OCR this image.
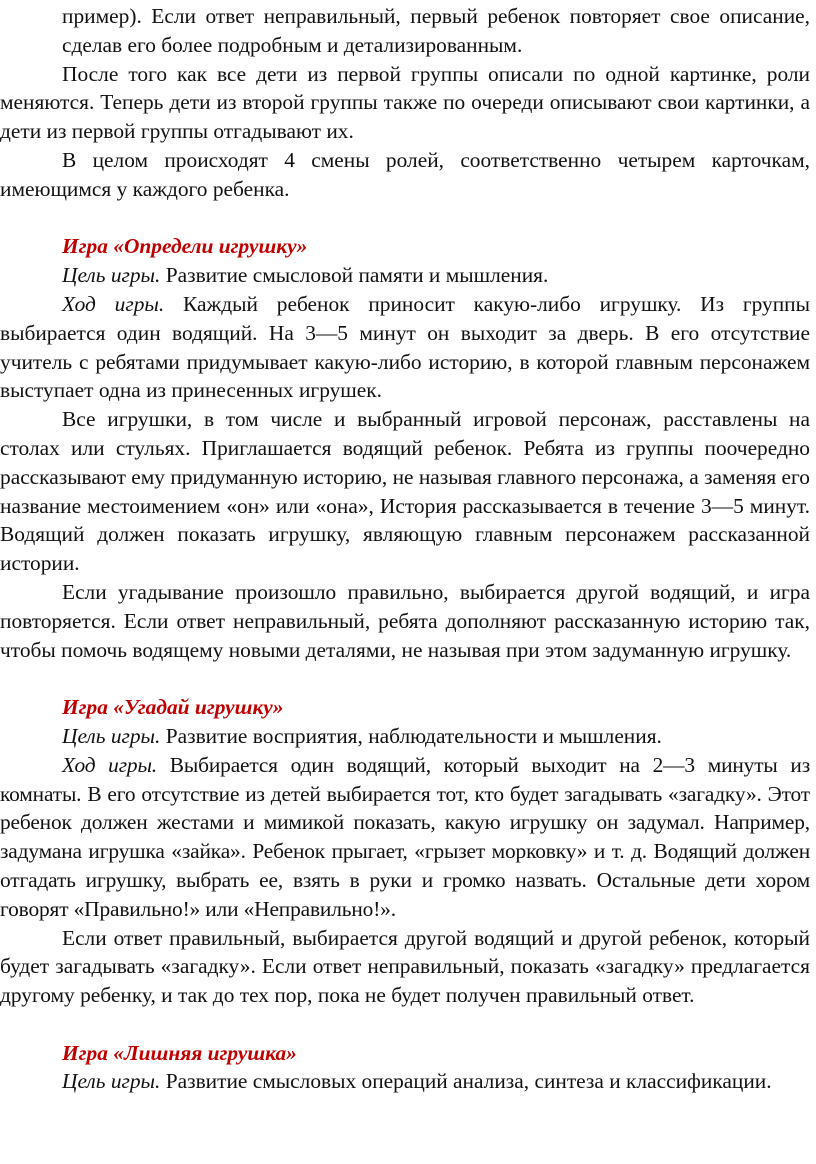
пример). Если ответ неправильный, первый ребенок повторяет свое описание, сделав его более подробным и детализированным.

После того как все дети из первой группы описали по одной картинке, роли меняются. Теперь дети из второй группы также по очереди описывают свои картинки, а дети из первой группы отгадывают их.

В целом происходят 4 смены ролей, соответственно четырем карточкам, имеющимся у каждого ребенка.

Игра «Определи игрушку»

Цель игры. Развитие смысловой памяти и мышления.

Ход игры. Каждый ребенок приносит какую-либо игрушку. Из группы выбирается один водящий. На 3—5 минут он выходит за дверь. В его отсутствие учитель с ребятами придумывает какую-либо историю, в которой главным персонажем выступает одна из принесенных игрушек.

Все игрушки, в том числе и выбранный игровой персонаж, расставлены на столах или стульях. Приглашается водящий ребенок. Ребята из группы поочередно рассказывают ему придуманную историю, не называя главного персонажа, а заменяя его название местоимением «он» или «она», История рассказывается в течение 3—5 минут. Водящий должен показать игрушку, являющую главным персонажем рассказанной истории.

Если угадывание произошло правильно, выбирается другой водящий, и игра повторяется. Если ответ неправильный, ребята дополняют рассказанную историю так, чтобы помочь водящему новыми деталями, не называя при этом задуманную игрушку.

Игра «Угадай игрушку»

Цель игры. Развитие восприятия, наблюдательности и мышления.

Ход игры. Выбирается один водящий, который выходит на 2—3 минуты из комнаты. В его отсутствие из детей выбирается тот, кто будет загадывать «загадку». Этот ребенок должен жестами и мимикой показать, какую игрушку он задумал. Например, задумана игрушка «зайка». Ребенок прыгает, «грызет морковку» и т. д. Водящий должен отгадать игрушку, выбрать ее, взять в руки и громко назвать. Остальные дети хором говорят «Правильно!» или «Неправильно!».

Если ответ правильный, выбирается другой водящий и другой ребенок, который будет загадывать «загадку». Если ответ неправильный, показать «загадку» предлагается другому ребенку, и так до тех пор, пока не будет получен правильный ответ.

Игра «Лишняя игрушка»

Цель игры. Развитие смысловых операций анализа, синтеза и классификации.
